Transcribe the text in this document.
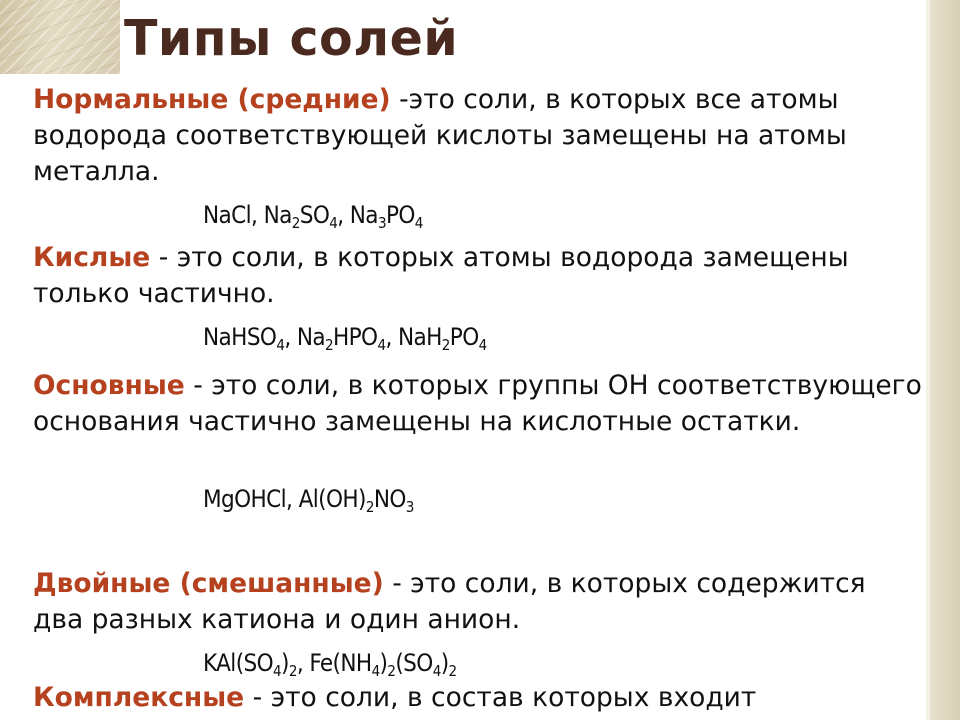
Типы солей
Нормальные (средние) -это соли, в которых все атомы водорода соответствующей кислоты замещены на атомы металла.
NaCl, $Na_2SO_4$, $Na_3PO_4$
Кислые - это соли, в которых атомы водорода замещены только частично.
NaHSO$_4$, $Na_2HPO_4$, $NaH_2PO_4$
Основные - это соли, в которых группы ОН соответствующего основания частично замещены на кислотные остатки.
MgOHCl, $Al(OH)_2NO_3$
Двойные (смешанные) - это соли, в которых содержится два разных катиона и один анион.
$KAl(SO_4)_2$, $Fe(NH_4)_2(SO_4)_2$
Комплексные - это соли, в состав которых входит
